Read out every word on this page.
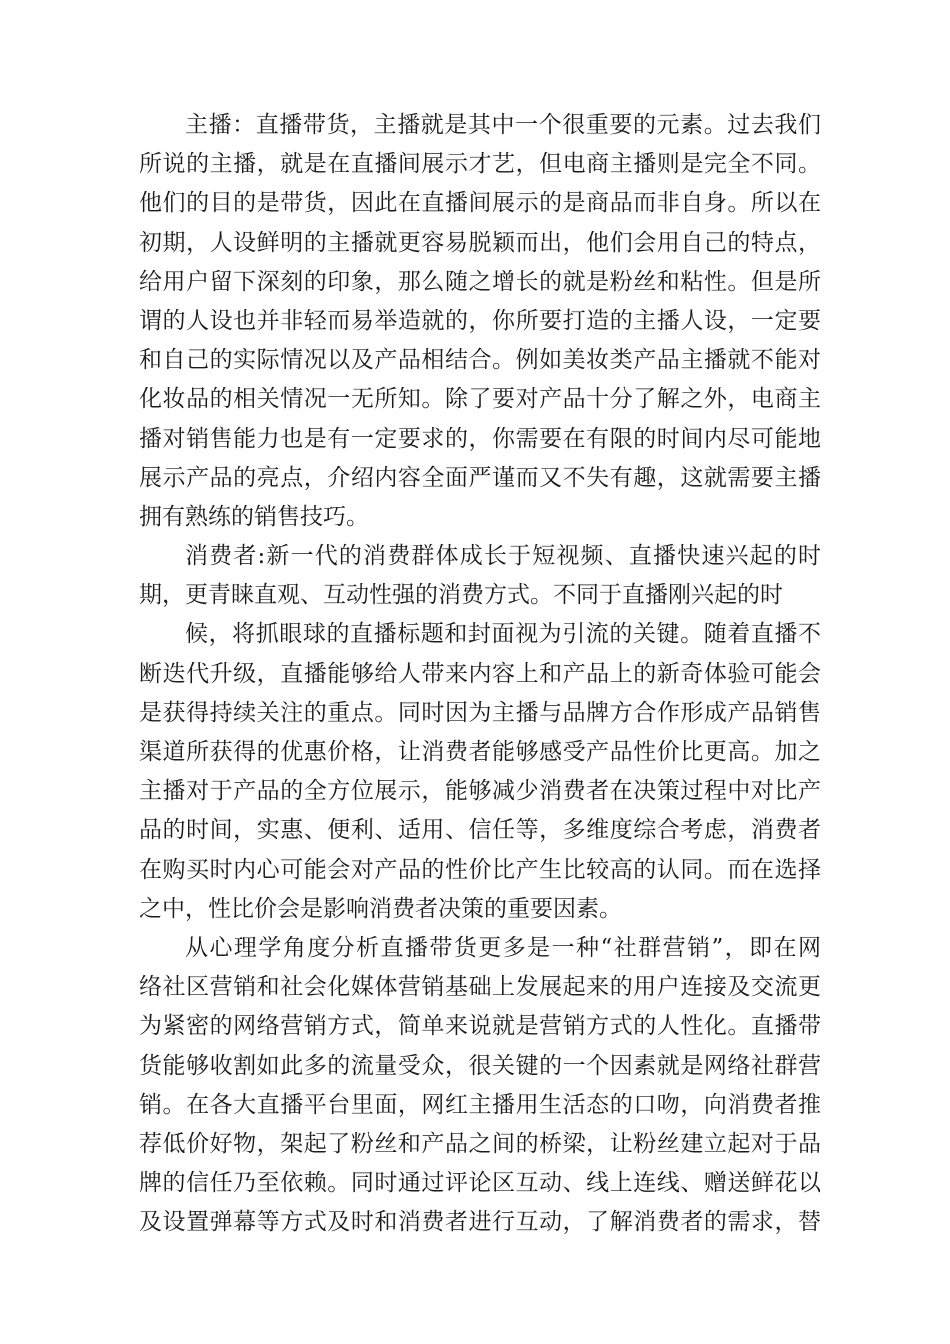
主播：直播带货，主播就是其中一个很重要的元素。过去我们
所说的主播，就是在直播间展示才艺，但电商主播则是完全不同。
他们的目的是带货，因此在直播间展示的是商品而非自身。所以在
初期，人设鲜明的主播就更容易脱颖而出，他们会用自己的特点，
给用户留下深刻的印象，那么随之增长的就是粉丝和粘性。但是所
谓的人设也并非轻而易举造就的，你所要打造的主播人设，一定要
和自己的实际情况以及产品相结合。例如美妆类产品主播就不能对
化妆品的相关情况一无所知。除了要对产品十分了解之外，电商主
播对销售能力也是有一定要求的，你需要在有限的时间内尽可能地
展示产品的亮点，介绍内容全面严谨而又不失有趣，这就需要主播
拥有熟练的销售技巧。
消费者:新一代的消费群体成长于短视频、直播快速兴起的时
期，更青睐直观、互动性强的消费方式。不同于直播刚兴起的时
候，将抓眼球的直播标题和封面视为引流的关键。随着直播不
断迭代升级，直播能够给人带来内容上和产品上的新奇体验可能会
是获得持续关注的重点。同时因为主播与品牌方合作形成产品销售
渠道所获得的优惠价格，让消费者能够感受产品性价比更高。加之
主播对于产品的全方位展示，能够减少消费者在决策过程中对比产
品的时间，实惠、便利、适用、信任等，多维度综合考虑，消费者
在购买时内心可能会对产品的性价比产生比较高的认同。而在选择
之中，性比价会是影响消费者决策的重要因素。
从心理学角度分析直播带货更多是一种“社群营销”，即在网
络社区营销和社会化媒体营销基础上发展起来的用户连接及交流更
为紧密的网络营销方式，简单来说就是营销方式的人性化。直播带
货能够收割如此多的流量受众，很关键的一个因素就是网络社群营
销。在各大直播平台里面，网红主播用生活态的口吻，向消费者推
荐低价好物，架起了粉丝和产品之间的桥梁，让粉丝建立起对于品
牌的信任乃至依赖。同时通过评论区互动、线上连线、赠送鲜花以
及设置弹幕等方式及时和消费者进行互动，了解消费者的需求，替
